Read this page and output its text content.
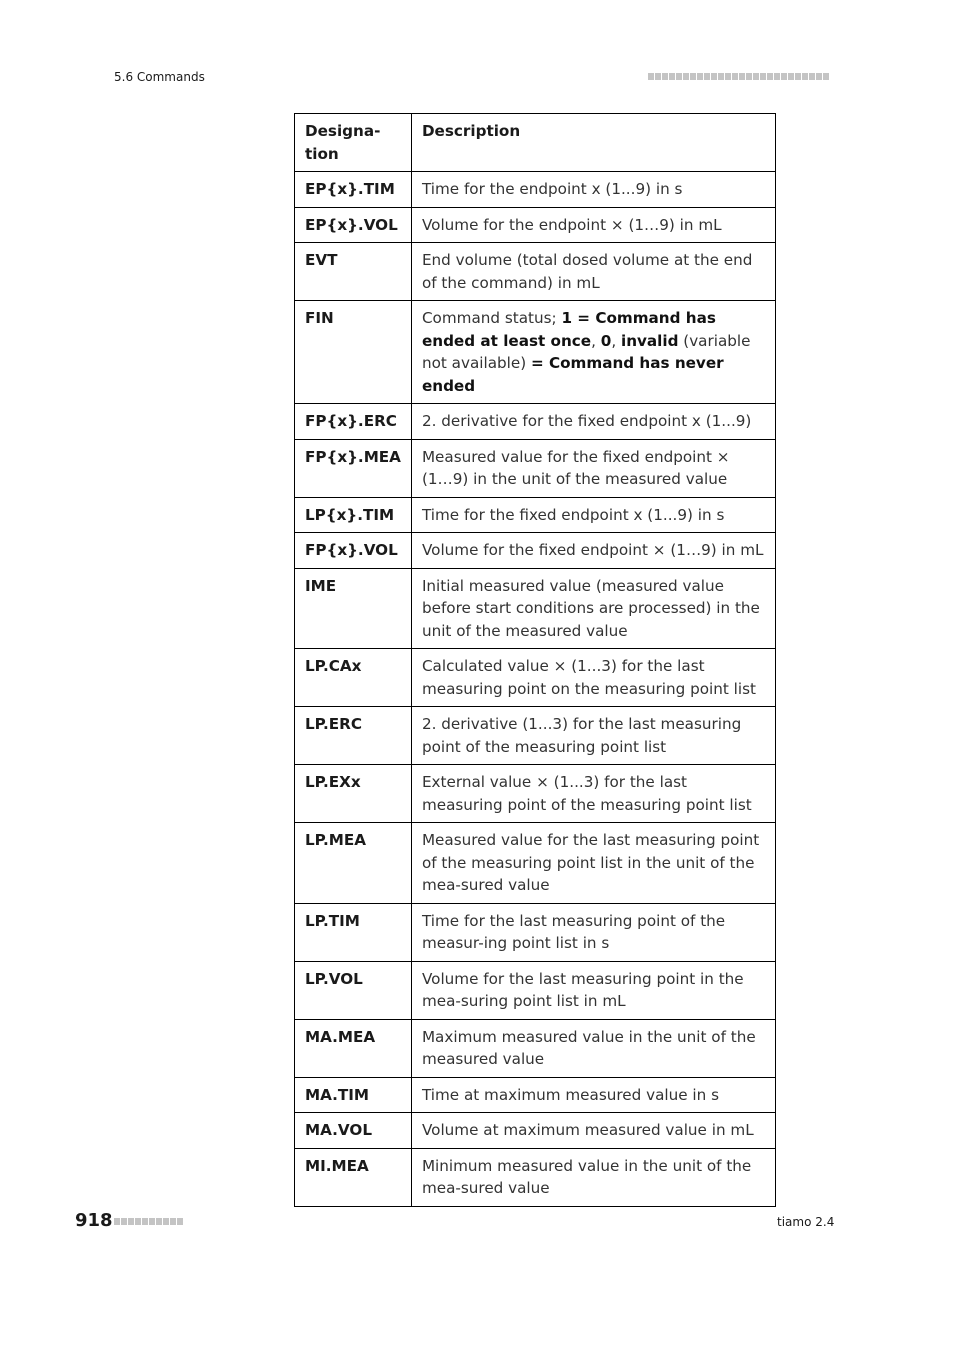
5.6 Commands
Designa-
tion	Description
EP{x}.TIM	Time for the endpoint x (1...9) in s
EP{x}.VOL	Volume for the endpoint × (1…9) in mL
EVT	End volume (total dosed volume at the end of the command) in mL
FIN	Command status; 1 = Command has ended at least once, 0, invalid (variable not available) = Command has never ended
FP{x}.ERC	2. derivative for the fixed endpoint x (1...9)
FP{x}.MEA	Measured value for the fixed endpoint × (1…9) in the unit of the measured value
LP{x}.TIM	Time for the fixed endpoint x (1...9) in s
FP{x}.VOL	Volume for the fixed endpoint × (1…9) in mL
IME	Initial measured value (measured value before start conditions are processed) in the unit of the measured value
LP.CAx	Calculated value × (1...3) for the last measuring point on the measuring point list
LP.ERC	2. derivative (1...3) for the last measuring point of the measuring point list
LP.EXx	External value × (1...3) for the last measuring point of the measuring point list
LP.MEA	Measured value for the last measuring point of the measuring point list in the unit of the mea-sured value
LP.TIM	Time for the last measuring point of the measur-ing point list in s
LP.VOL	Volume for the last measuring point in the mea-suring point list in mL
MA.MEA	Maximum measured value in the unit of the measured value
MA.TIM	Time at maximum measured value in s
MA.VOL	Volume at maximum measured value in mL
MI.MEA	Minimum measured value in the unit of the mea-sured value
918	tiamo 2.4
